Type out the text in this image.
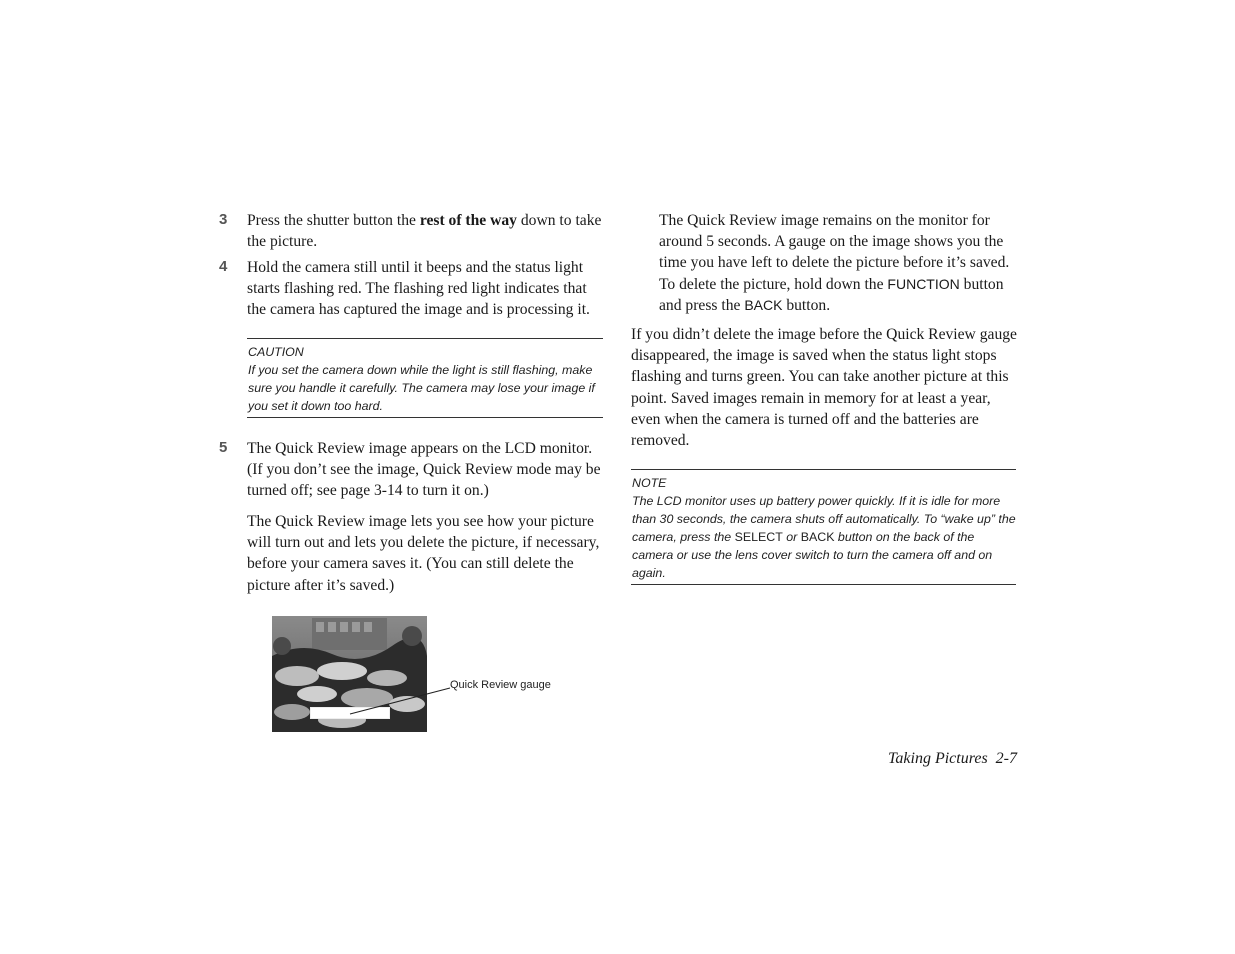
3 Press the shutter button the rest of the way down to take the picture.
4 Hold the camera still until it beeps and the status light starts flashing red. The flashing red light indicates that the camera has captured the image and is processing it.
CAUTION
If you set the camera down while the light is still flashing, make sure you handle it carefully. The camera may lose your image if you set it down too hard.
5 The Quick Review image appears on the LCD monitor. (If you don’t see the image, Quick Review mode may be turned off; see page 3-14 to turn it on.)
The Quick Review image lets you see how your picture will turn out and lets you delete the picture, if necessary, before your camera saves it. (You can still delete the picture after it’s saved.)
Quick Review gauge
The Quick Review image remains on the monitor for around 5 seconds. A gauge on the image shows you the time you have left to delete the picture before it’s saved. To delete the picture, hold down the FUNCTION button and press the BACK button.
If you didn’t delete the image before the Quick Review gauge disappeared, the image is saved when the status light stops flashing and turns green. You can take another picture at this point. Saved images remain in memory for at least a year, even when the camera is turned off and the batteries are removed.
NOTE
The LCD monitor uses up battery power quickly. If it is idle for more than 30 seconds, the camera shuts off automatically. To “wake up” the camera, press the SELECT or BACK button on the back of the camera or use the lens cover switch to turn the camera off and on again.
Taking Pictures 2-7
